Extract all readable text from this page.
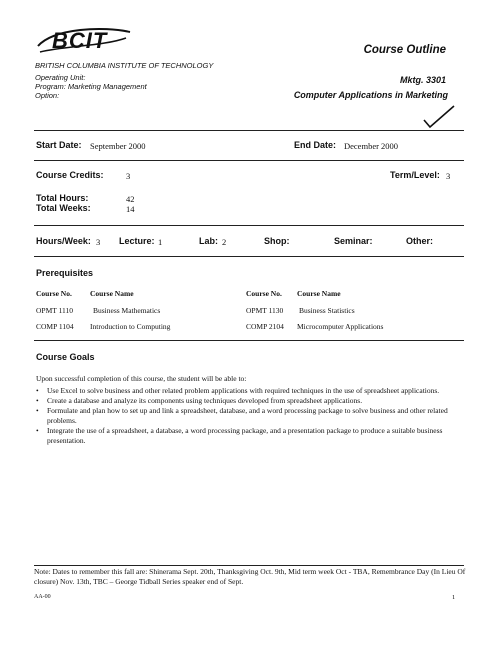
BCIT
BRITISH COLUMBIA INSTITUTE OF TECHNOLOGY
Operating Unit:
Program: Marketing Management
Option:
Course Outline
Mktg. 3301
Computer Applications in Marketing
Start Date: September 2000	End Date: December 2000
Course Credits:	3	Term/Level: 3
Total Hours:	42
Total Weeks:	14
Hours/Week: 3 Lecture: 1	Lab: 2	Shop:	Seminar:	Other:
Prerequisites
Course No. Course Name	Course No. Course Name
OPMT 1110	Business Mathematics	OPMT 1130 Business Statistics
COMP 1104 Introduction to Computing	COMP 2104 Microcomputer Applications
Course Goals
Upon successful completion of this course, the student will be able to:
• Use Excel to solve business and other related problem applications with required techniques in the use of spreadsheet applications.
• Create a database and analyze its components using techniques developed from spreadsheet applications.
• Formulate and plan how to set up and link a spreadsheet, database, and a word processing package to solve business and other related problems.
• Integrate the use of a spreadsheet, a database, a word processing package, and a presentation package to produce a suitable business presentation.
Note: Dates to remember this fall are: Shinerama Sept. 20th, Thanksgiving Oct. 9th, Mid term week Oct - TBA, Remembrance Day (In Lieu Of closure) Nov. 13th, TBC – George Tidball Series speaker end of Sept.
AA-00	1
